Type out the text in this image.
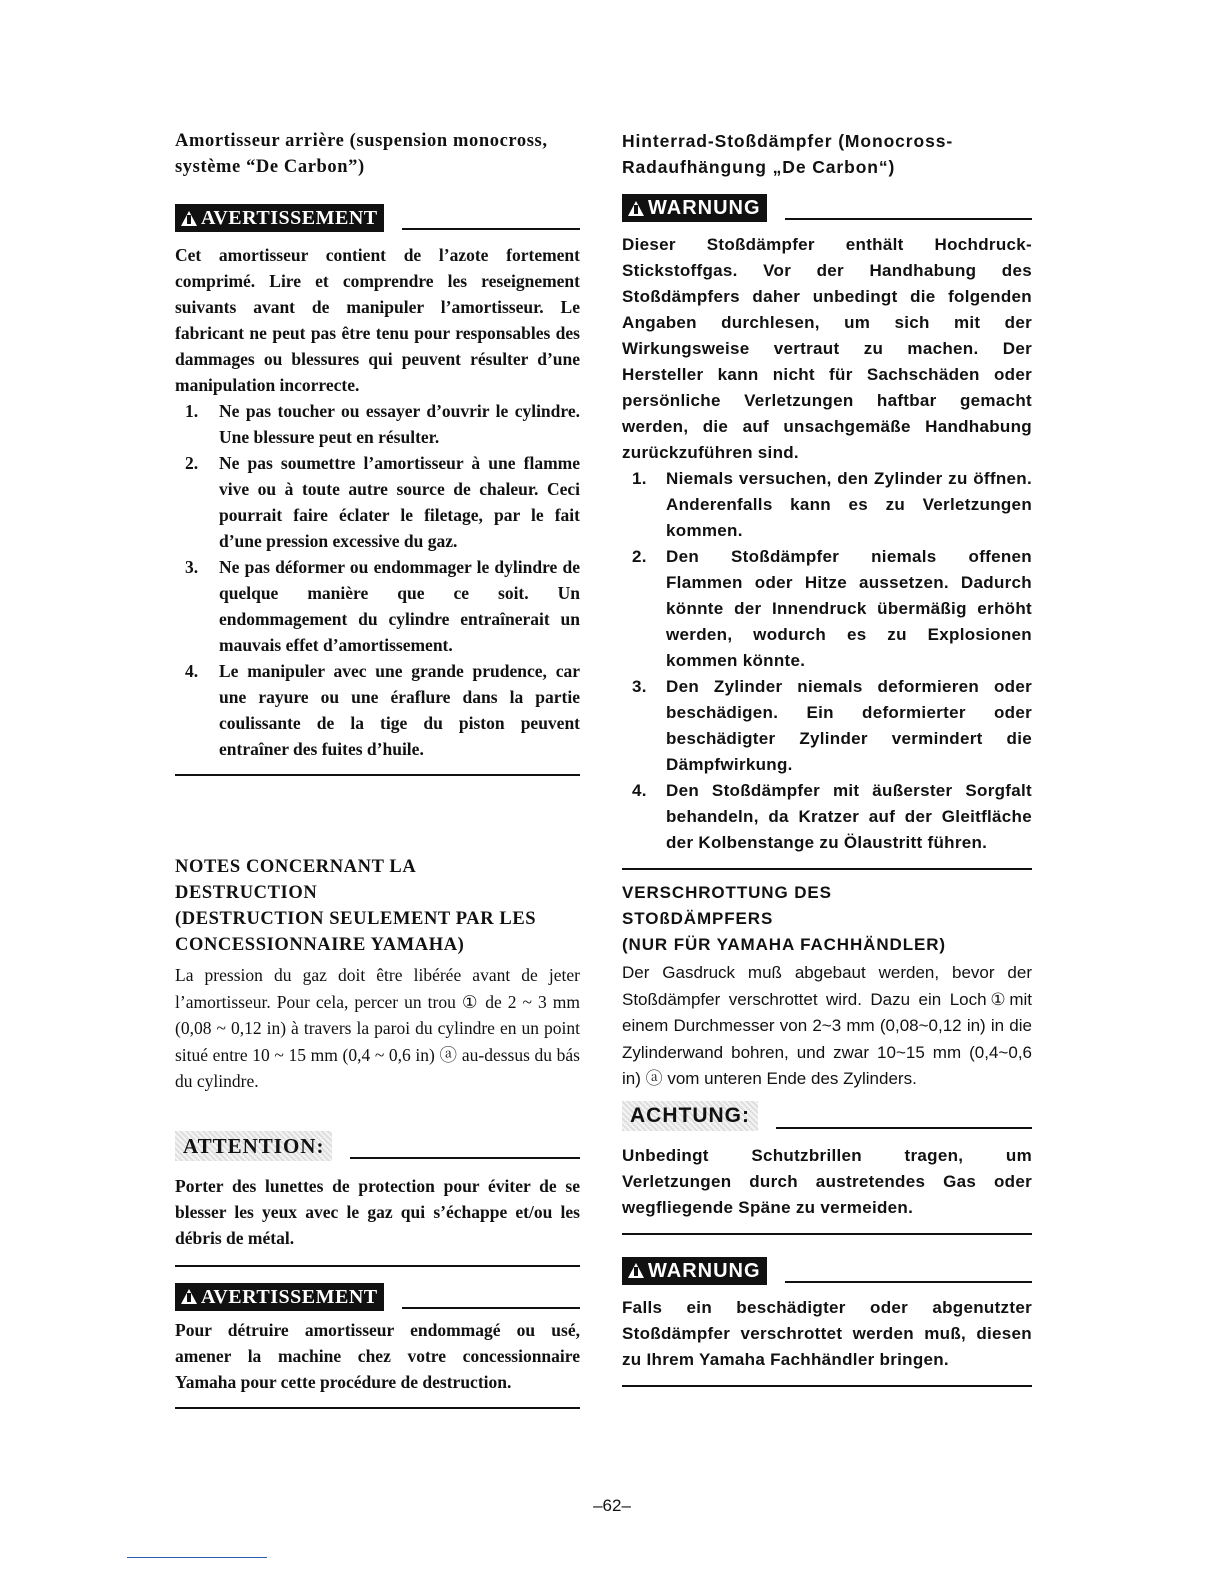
Amortisseur arrière (suspension monocross,
système “De Carbon”)

AVERTISSEMENT

Cet amortisseur contient de l’azote fortement comprimé. Lire et comprendre les reseignement suivants avant de manipuler l’amortisseur. Le fabricant ne peut pas être tenu pour responsables des dammages ou blessures qui peuvent résulter d’une manipulation incorrecte.

1.	Ne pas toucher ou essayer d’ouvrir le cylindre. Une blessure peut en résulter.
2.	Ne pas soumettre l’amortisseur à une flamme vive ou à toute autre source de chaleur. Ceci pourrait faire éclater le filetage, par le fait d’une pression excessive du gaz.
3.	Ne pas déformer ou endommager le dylindre de quelque manière que ce soit. Un endommagement du cylindre entraînerait un mauvais effet d’amortissement.
4.	Le manipuler avec une grande prudence, car une rayure ou une éraflure dans la partie coulissante de la tige du piston peuvent entraîner des fuites d’huile.

NOTES CONCERNANT LA
DESTRUCTION
(DESTRUCTION SEULEMENT PAR LES
CONCESSIONNAIRE YAMAHA)

La pression du gaz doit être libérée avant de jeter l’amortisseur. Pour cela, percer un trou ① de 2 ~ 3 mm (0,08 ~ 0,12 in) à travers la paroi du cylindre en un point situé entre 10 ~ 15 mm (0,4 ~ 0,6 in) ⓐ au-dessus du bás du cylindre.

ATTENTION:

Porter des lunettes de protection pour éviter de se blesser les yeux avec le gaz qui s’échappe et/ou les débris de métal.

AVERTISSEMENT

Pour détruire amortisseur endommagé ou usé, amener la machine chez votre concessionnaire Yamaha pour cette procédure de destruction.

Hinterrad-Stoßdämpfer (Monocross-
Radaufhängung „De Carbon“)

WARNUNG

Dieser Stoßdämpfer enthält Hochdruck-Stickstoffgas. Vor der Handhabung des Stoßdämpfers daher unbedingt die folgenden Angaben durchlesen, um sich mit der Wirkungsweise vertraut zu machen. Der Hersteller kann nicht für Sachschäden oder persönliche Verletzungen haftbar gemacht werden, die auf unsachgemäße Handhabung zurückzuführen sind.

1.	Niemals versuchen, den Zylinder zu öffnen. Anderenfalls kann es zu Verletzungen kommen.
2.	Den Stoßdämpfer niemals offenen Flammen oder Hitze aussetzen. Dadurch könnte der Innendruck übermäßig erhöht werden, wodurch es zu Explosionen kommen könnte.
3.	Den Zylinder niemals deformieren oder beschädigen. Ein deformierter oder beschädigter Zylinder vermindert die Dämpfwirkung.
4.	Den Stoßdämpfer mit äußerster Sorgfalt behandeln, da Kratzer auf der Gleitfläche der Kolbenstange zu Ölaustritt führen.

VERSCHROTTUNG DES
STOßDÄMPFERS
(NUR FÜR YAMAHA FACHHÄNDLER)

Der Gasdruck muß abgebaut werden, bevor der Stoßdämpfer verschrottet wird. Dazu ein Loch①mit einem Durchmesser von 2~3 mm (0,08~0,12 in) in die Zylinderwand bohren, und zwar 10~15 mm (0,4~0,6 in) ⓐ vom unteren Ende des Zylinders.

ACHTUNG:

Unbedingt Schutzbrillen tragen, um Verletzungen durch austretendes Gas oder wegfliegende Späne zu vermeiden.

WARNUNG

Falls ein beschädigter oder abgenutzter Stoßdämpfer verschrottet werden muß, diesen zu Ihrem Yamaha Fachhändler bringen.

–62–
